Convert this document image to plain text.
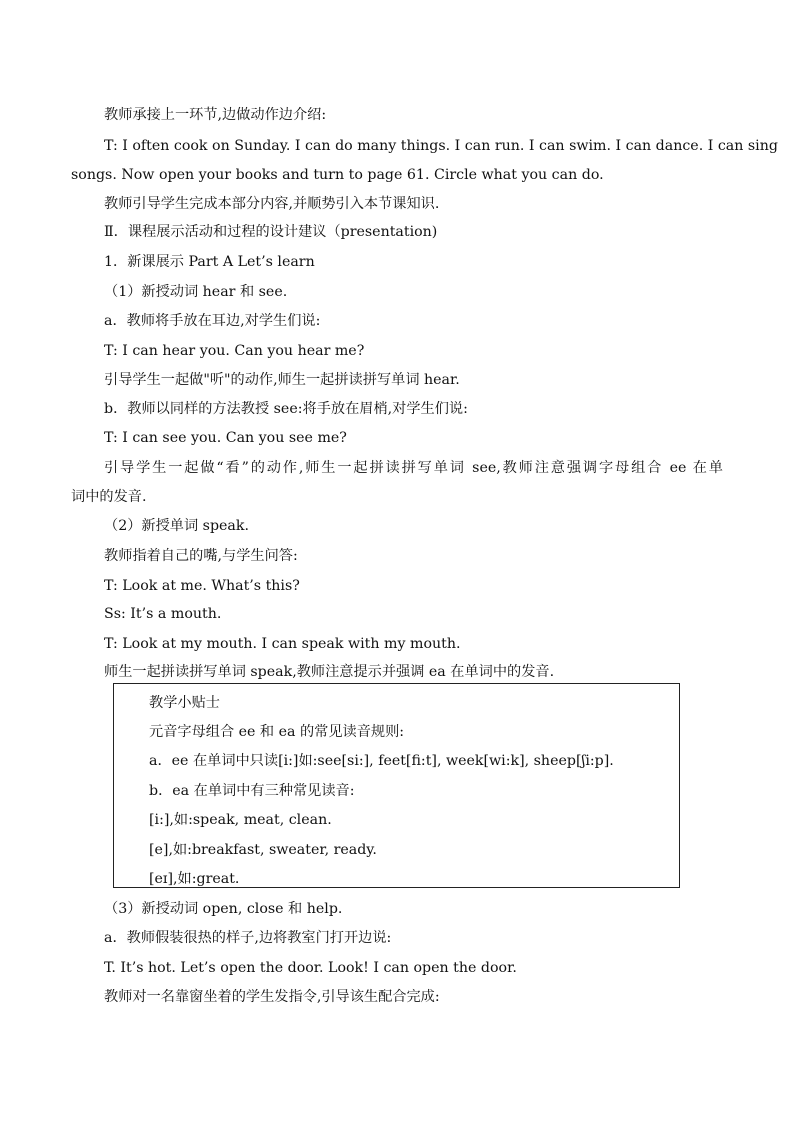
教师承接上一环节,边做动作边介绍:
T: I often cook on Sunday. I can do many things. I can run. I can swim. I can dance. I can sing
songs. Now open your books and turn to page 61. Circle what you can do.
教师引导学生完成本部分内容,并顺势引入本节课知识.
Ⅱ．课程展示活动和过程的设计建议（presentation)
1．新课展示 Part A Let’s learn
（1）新授动词 hear 和 see.
a．教师将手放在耳边,对学生们说:
T: I can hear you. Can you hear me?
引导学生一起做"听"的动作,师生一起拼读拼写单词 hear.
b．教师以同样的方法教授 see:将手放在眉梢,对学生们说:
T: I can see you. Can you see me?
引导学生一起做“看”的动作,师生一起拼读拼写单词 see,教师注意强调字母组合 ee 在单
词中的发音.
（2）新授单词 speak.
教师指着自己的嘴,与学生问答:
T: Look at me. What’s this?
Ss: It’s a mouth.
T: Look at my mouth. I can speak with my mouth.
师生一起拼读拼写单词 speak,教师注意提示并强调 ea 在单词中的发音.
教学小贴士
元音字母组合 ee 和 ea 的常见读音规则:
a．ee 在单词中只读[i:]如:see[si:], feet[fi:t], week[wi:k], sheep[ʃi:p].
b．ea 在单词中有三种常见读音:
[i:],如:speak, meat, clean.
[e],如:breakfast, sweater, ready.
[eɪ],如:great.
（3）新授动词 open, close 和 help.
a．教师假装很热的样子,边将教室门打开边说:
T. It’s hot. Let’s open the door. Look! I can open the door.
教师对一名靠窗坐着的学生发指令,引导该生配合完成:
